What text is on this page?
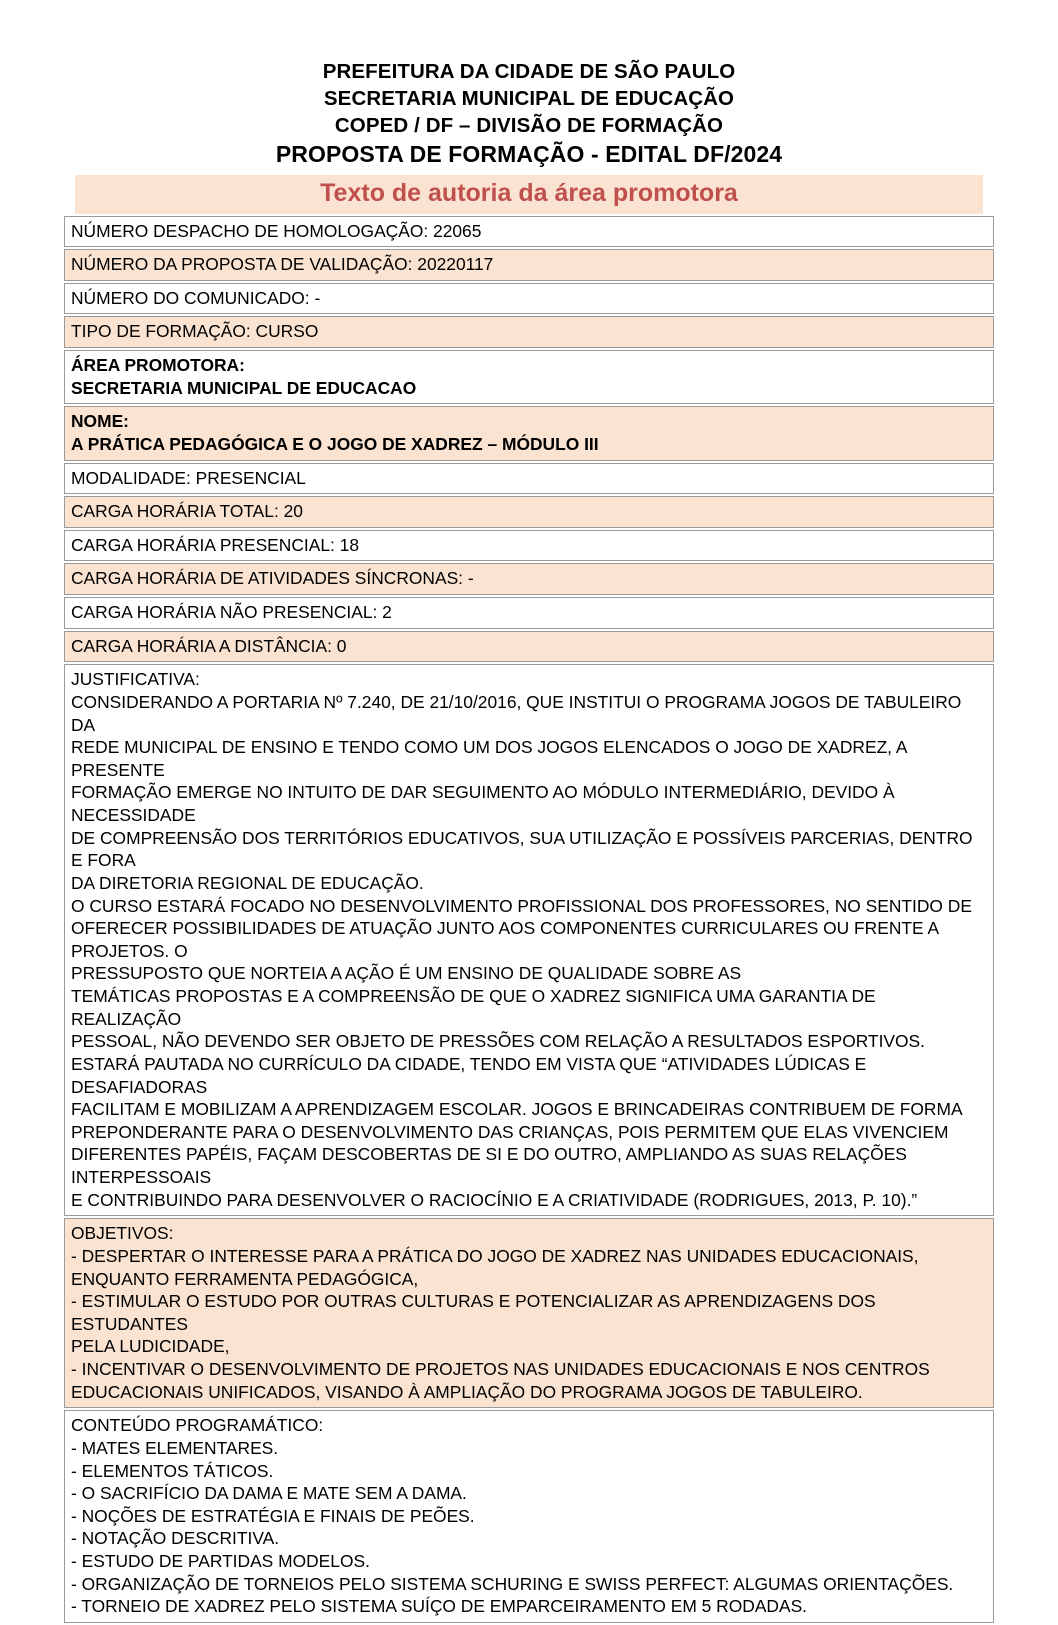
PREFEITURA DA CIDADE DE SÃO PAULO
SECRETARIA MUNICIPAL DE EDUCAÇÃO
COPED / DF – DIVISÃO DE FORMAÇÃO
PROPOSTA DE FORMAÇÃO - EDITAL DF/2024
Texto de autoria da área promotora
NÚMERO DESPACHO DE HOMOLOGAÇÃO: 22065
NÚMERO DA PROPOSTA DE VALIDAÇÃO: 20220117
NÚMERO DO COMUNICADO: -
TIPO DE FORMAÇÃO: CURSO

ÁREA PROMOTORA:
SECRETARIA MUNICIPAL DE EDUCACAO

NOME:
A PRÁTICA PEDAGÓGICA E O JOGO DE XADREZ – MÓDULO III

MODALIDADE: PRESENCIAL
CARGA HORÁRIA TOTAL: 20
CARGA HORÁRIA PRESENCIAL: 18
CARGA HORÁRIA DE ATIVIDADES SÍNCRONAS: -
CARGA HORÁRIA NÃO PRESENCIAL: 2
CARGA HORÁRIA A DISTÂNCIA: 0

JUSTIFICATIVA:
CONSIDERANDO A PORTARIA Nº 7.240, DE 21/10/2016, QUE INSTITUI O PROGRAMA JOGOS DE TABULEIRO DA
REDE MUNICIPAL DE ENSINO E TENDO COMO UM DOS JOGOS ELENCADOS O JOGO DE XADREZ, A PRESENTE
FORMAÇÃO EMERGE NO INTUITO DE DAR SEGUIMENTO AO MÓDULO INTERMEDIÁRIO, DEVIDO À NECESSIDADE
DE COMPREENSÃO DOS TERRITÓRIOS EDUCATIVOS, SUA UTILIZAÇÃO E POSSÍVEIS PARCERIAS, DENTRO E FORA
DA DIRETORIA REGIONAL DE EDUCAÇÃO.
O CURSO ESTARÁ FOCADO NO DESENVOLVIMENTO PROFISSIONAL DOS PROFESSORES, NO SENTIDO DE
OFERECER POSSIBILIDADES DE ATUAÇÃO JUNTO AOS COMPONENTES CURRICULARES OU FRENTE A PROJETOS. O
PRESSUPOSTO QUE NORTEIA A AÇÃO É UM ENSINO DE QUALIDADE SOBRE AS
TEMÁTICAS PROPOSTAS E A COMPREENSÃO DE QUE O XADREZ SIGNIFICA UMA GARANTIA DE REALIZAÇÃO
PESSOAL, NÃO DEVENDO SER OBJETO DE PRESSÕES COM RELAÇÃO A RESULTADOS ESPORTIVOS.
ESTARÁ PAUTADA NO CURRÍCULO DA CIDADE, TENDO EM VISTA QUE “ATIVIDADES LÚDICAS E DESAFIADORAS
FACILITAM E MOBILIZAM A APRENDIZAGEM ESCOLAR. JOGOS E BRINCADEIRAS CONTRIBUEM DE FORMA
PREPONDERANTE PARA O DESENVOLVIMENTO DAS CRIANÇAS, POIS PERMITEM QUE ELAS VIVENCIEM
DIFERENTES PAPÉIS, FAÇAM DESCOBERTAS DE SI E DO OUTRO, AMPLIANDO AS SUAS RELAÇÕES INTERPESSOAIS
E CONTRIBUINDO PARA DESENVOLVER O RACIOCÍNIO E A CRIATIVIDADE (RODRIGUES, 2013, P. 10).”

OBJETIVOS:
- DESPERTAR O INTERESSE PARA A PRÁTICA DO JOGO DE XADREZ NAS UNIDADES EDUCACIONAIS,
ENQUANTO FERRAMENTA PEDAGÓGICA,
- ESTIMULAR O ESTUDO POR OUTRAS CULTURAS E POTENCIALIZAR AS APRENDIZAGENS DOS ESTUDANTES
PELA LUDICIDADE,
- INCENTIVAR O DESENVOLVIMENTO DE PROJETOS NAS UNIDADES EDUCACIONAIS E NOS CENTROS
EDUCACIONAIS UNIFICADOS, VISANDO À AMPLIAÇÃO DO PROGRAMA JOGOS DE TABULEIRO.

CONTEÚDO PROGRAMÁTICO:
- MATES ELEMENTARES.
- ELEMENTOS TÁTICOS.
- O SACRIFÍCIO DA DAMA E MATE SEM A DAMA.
- NOÇÕES DE ESTRATÉGIA E FINAIS DE PEÕES.
- NOTAÇÃO DESCRITIVA.
- ESTUDO DE PARTIDAS MODELOS.
- ORGANIZAÇÃO DE TORNEIOS PELO SISTEMA SCHURING E SWISS PERFECT: ALGUMAS ORIENTAÇÕES.
- TORNEIO DE XADREZ PELO SISTEMA SUÍÇO DE EMPARCEIRAMENTO EM 5 RODADAS.
